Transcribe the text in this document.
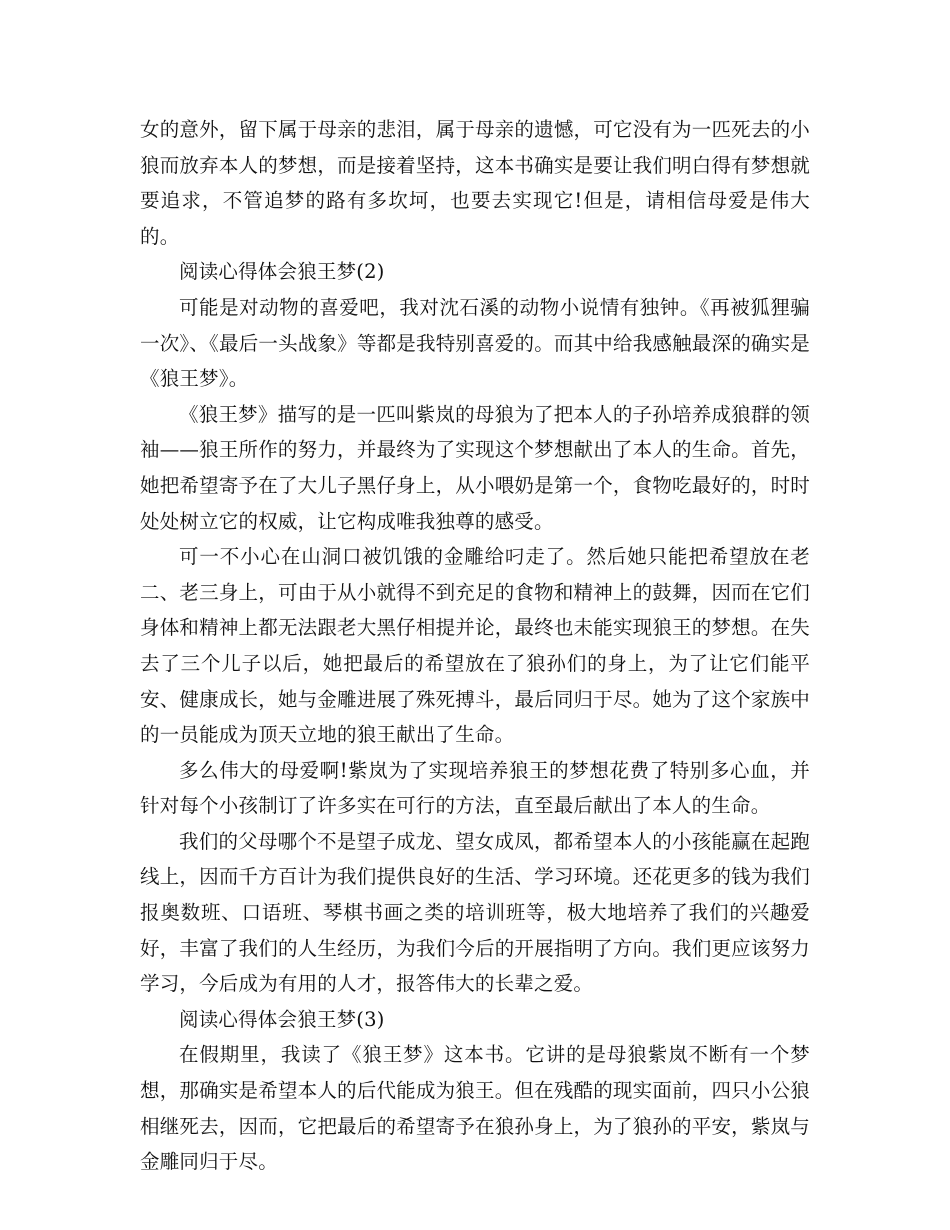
女的意外，留下属于母亲的悲泪，属于母亲的遗憾，可它没有为一匹死去的小狼而放弃本人的梦想，而是接着坚持，这本书确实是要让我们明白得有梦想就要追求，不管追梦的路有多坎坷，也要去实现它!但是，请相信母爱是伟大的。

阅读心得体会狼王梦(2)

可能是对动物的喜爱吧，我对沈石溪的动物小说情有独钟。《再被狐狸骗一次》、《最后一头战象》等都是我特别喜爱的。而其中给我感触最深的确实是《狼王梦》。

《狼王梦》描写的是一匹叫紫岚的母狼为了把本人的子孙培养成狼群的领袖——狼王所作的努力，并最终为了实现这个梦想献出了本人的生命。首先，她把希望寄予在了大儿子黑仔身上，从小喂奶是第一个，食物吃最好的，时时处处树立它的权威，让它构成唯我独尊的感受。

可一不小心在山洞口被饥饿的金雕给叼走了。然后她只能把希望放在老二、老三身上，可由于从小就得不到充足的食物和精神上的鼓舞，因而在它们身体和精神上都无法跟老大黑仔相提并论，最终也未能实现狼王的梦想。在失去了三个儿子以后，她把最后的希望放在了狼孙们的身上，为了让它们能平安、健康成长，她与金雕进展了殊死搏斗，最后同归于尽。她为了这个家族中的一员能成为顶天立地的狼王献出了生命。

多么伟大的母爱啊!紫岚为了实现培养狼王的梦想花费了特别多心血，并针对每个小孩制订了许多实在可行的方法，直至最后献出了本人的生命。

我们的父母哪个不是望子成龙、望女成凤，都希望本人的小孩能赢在起跑线上，因而千方百计为我们提供良好的生活、学习环境。还花更多的钱为我们报奥数班、口语班、琴棋书画之类的培训班等，极大地培养了我们的兴趣爱好，丰富了我们的人生经历，为我们今后的开展指明了方向。我们更应该努力学习，今后成为有用的人才，报答伟大的长辈之爱。

阅读心得体会狼王梦(3)

在假期里，我读了《狼王梦》这本书。它讲的是母狼紫岚不断有一个梦想，那确实是希望本人的后代能成为狼王。但在残酷的现实面前，四只小公狼相继死去，因而，它把最后的希望寄予在狼孙身上，为了狼孙的平安，紫岚与金雕同归于尽。
